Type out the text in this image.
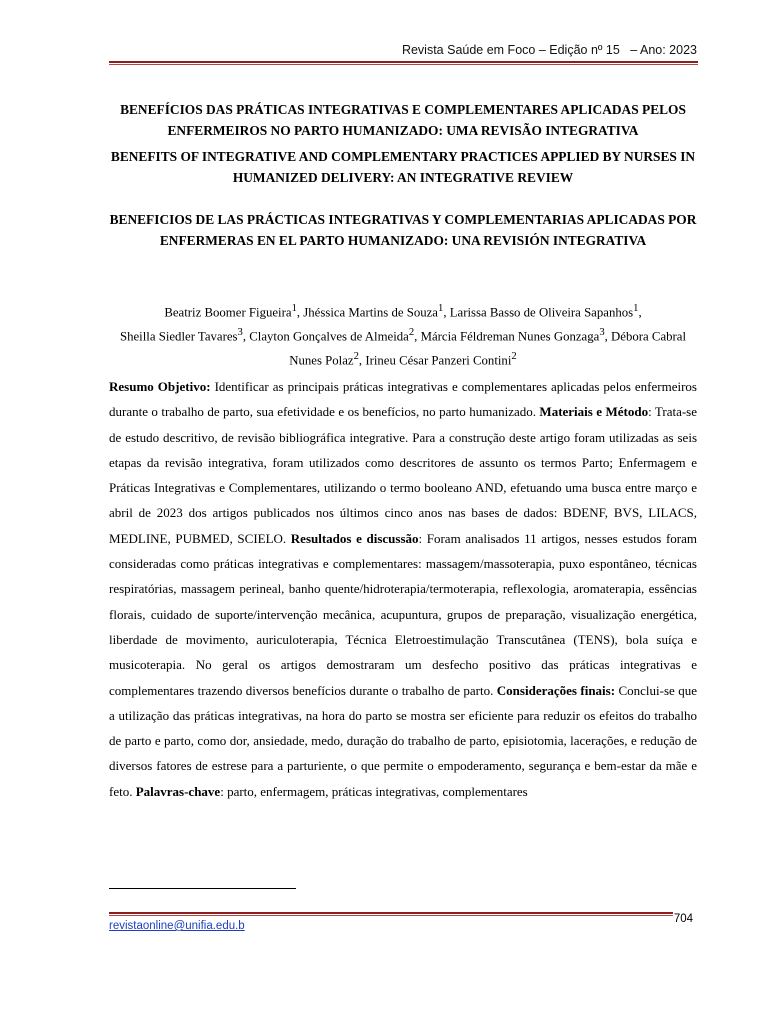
Revista Saúde em Foco – Edição nº 15   – Ano: 2023
BENEFÍCIOS DAS PRÁTICAS INTEGRATIVAS E COMPLEMENTARES APLICADAS PELOS ENFERMEIROS NO PARTO HUMANIZADO: UMA REVISÃO INTEGRATIVA
BENEFITS OF INTEGRATIVE AND COMPLEMENTARY PRACTICES APPLIED BY NURSES IN HUMANIZED DELIVERY: AN INTEGRATIVE REVIEW
BENEFICIOS DE LAS PRÁCTICAS INTEGRATIVAS Y COMPLEMENTARIAS APLICADAS POR ENFERMERAS EN EL PARTO HUMANIZADO: UNA REVISIÓN INTEGRATIVA
Beatriz Boomer Figueira$^1$, Jhéssica Martins de Souza$^1$, Larissa Basso de Oliveira Sapanhos$^1$,
Sheilla Siedler Tavares$^3$, Clayton Gonçalves de Almeida$^2$, Márcia Féldreman Nunes Gonzaga$^3$, Débora Cabral Nunes Polaz$^2$, Irineu César Panzeri Contini$^2$
Resumo Objetivo: Identificar as principais práticas integrativas e complementares aplicadas pelos enfermeiros durante o trabalho de parto, sua efetividade e os benefícios, no parto humanizado. Materiais e Método: Trata-se de estudo descritivo, de revisão bibliográfica integrative. Para a construção deste artigo foram utilizadas as seis etapas da revisão integrativa, foram utilizados como descritores de assunto os termos Parto; Enfermagem e Práticas Integrativas e Complementares, utilizando o termo booleano AND, efetuando uma busca entre março e abril de 2023 dos artigos publicados nos últimos cinco anos nas bases de dados: BDENF, BVS, LILACS, MEDLINE, PUBMED, SCIELO. Resultados e discussão: Foram analisados 11 artigos, nesses estudos foram consideradas como práticas integrativas e complementares: massagem/massoterapia, puxo espontâneo, técnicas respiratórias, massagem perineal, banho quente/hidroterapia/termoterapia, reflexologia, aromaterapia, essências florais, cuidado de suporte/intervenção mecânica, acupuntura, grupos de preparação, visualização energética, liberdade de movimento, auriculoterapia, Técnica Eletroestimulação Transcutânea (TENS), bola suíça e musicoterapia. No geral os artigos demostraram um desfecho positivo das práticas integrativas e complementares trazendo diversos benefícios durante o trabalho de parto. Considerações finais: Conclui-se que a utilização das práticas integrativas, na hora do parto se mostra ser eficiente para reduzir os efeitos do trabalho de parto e parto, como dor, ansiedade, medo, duração do trabalho de parto, episiotomia, lacerações, e redução de diversos fatores de estrese para a parturiente, o que permite o empoderamento, segurança e bem-estar da mãe e feto. Palavras-chave: parto, enfermagem, práticas integrativas, complementares
704
revistaonline@unifia.edu.b
